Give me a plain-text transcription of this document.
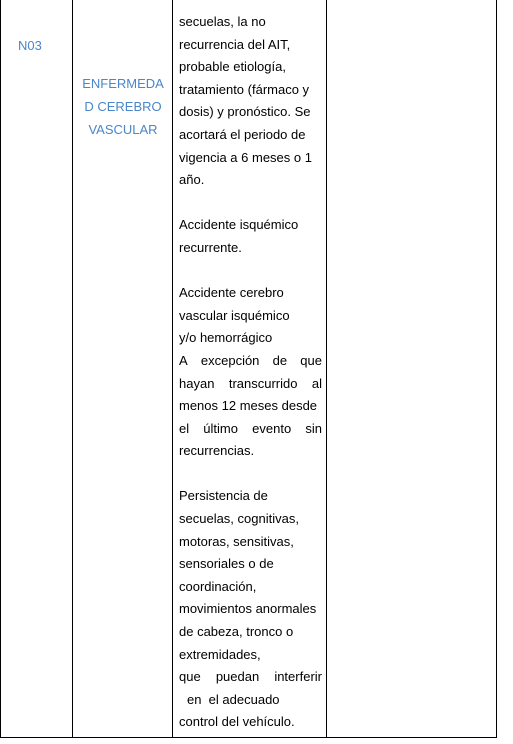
N03
ENFERMEDA
D CEREBRO
VASCULAR
secuelas, la no
recurrencia del AIT,
probable etiología,
tratamiento (fármaco y
dosis) y pronóstico. Se
acortará el periodo de
vigencia a 6 meses o 1
año.
Accidente isquémico
recurrente.
Accidente cerebro
vascular isquémico
y/o hemorrágico
A excepción de que
hayan transcurrido al
menos 12 meses desde
el último evento sin
recurrencias.
Persistencia de
secuelas, cognitivas,
motoras, sensitivas,
sensoriales o de
coordinación,
movimientos anormales
de cabeza, tronco o
extremidades,
que puedan interferir
en  el adecuado
control del vehículo.
